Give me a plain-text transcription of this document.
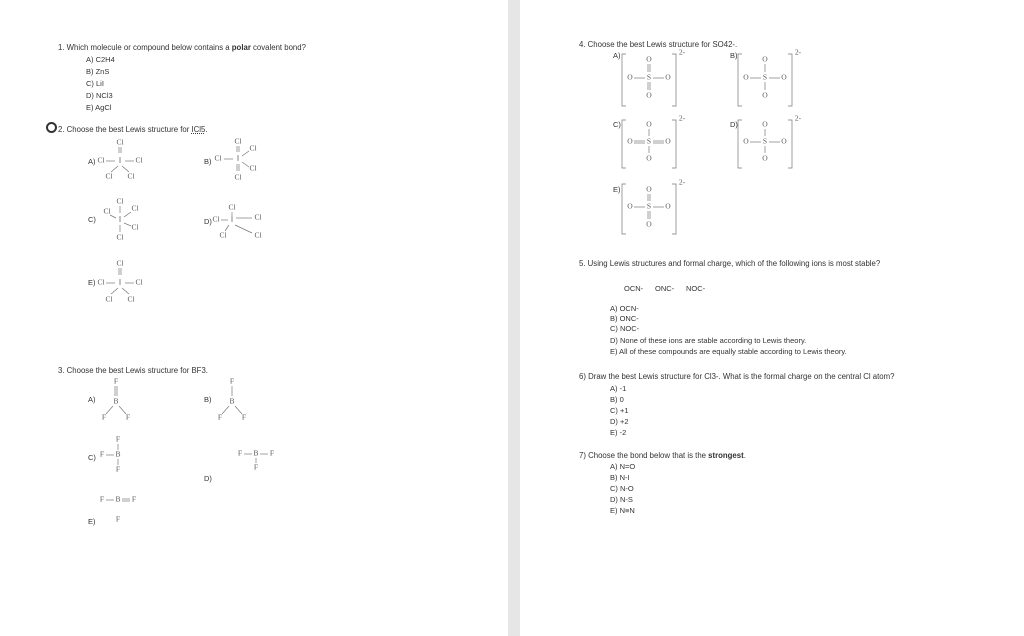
1. Which molecule or compound below contains a polar covalent bond?
A) C2H4
B) ZnS
C) LiI
D) NCl3
E) AgCl
2. Choose the best Lewis structure for ICl5.
A)
Cl
I
Cl	Cl
Cl Cl
B)
Cl
I
Cl
Cl
Cl
Cl
C)
Cl
Cl	Cl
I
Cl
Cl
D)
Cl
I
Cl	Cl
Cl	Cl
E)
Cl
I
Cl	Cl
Cl Cl
3. Choose the best Lewis structure for BF3.
A)
F
B
F	F
B)
F
B
F	F
C)
F
F B
F
D)
F B F
F
E)
F B F
F
4. Choose the best Lewis structure for SO42-.
A)	2-
O
O S O
O
B)	2-
O
O S O
O
C)
2-
O
O S O
O
D)
2-
O
O S O
O
E)
2-
O
O S O
O
5. Using Lewis structures and formal charge, which of the following ions is most stable?
OCN- ONC- NOC-
A) OCN-
B) ONC-
C) NOC-
D) None of these ions are stable according to Lewis theory.
E) All of these compounds are equally stable according to Lewis theory.
6) Draw the best Lewis structure for Cl3-. What is the formal charge on the central Cl atom?
A) -1
B) 0
C) +1
D) +2
E) -2
7) Choose the bond below that is the strongest.
A) N=O
B) N-I
C) N-O
D) N-S
E) N≡N
